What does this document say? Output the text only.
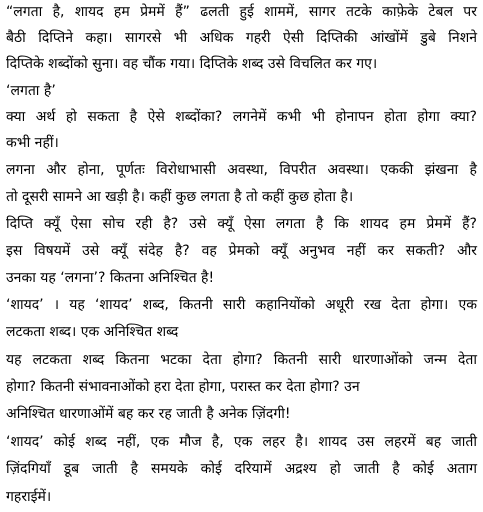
“लगता है, शायद हम प्रेममें हैं” ढलती हुई शाममें, सागर तटके काफ़ेके टेबल पर
बैठी दिप्तिने कहा। सागरसे भी अधिक गहरी ऐसी दिप्तिकी आंखोंमें डुबे निशने
दिप्तिके शब्दोंको सुना। वह चौंक गया। दिप्तिके शब्द उसे विचलित कर गए।
‘लगता है’
क्या अर्थ हो सकता है ऐसे शब्दोंका? लगनेमें कभी भी होनापन होता होगा क्या?
कभी नहीं।
लगना और होना, पूर्णतः विरोधाभासी अवस्था, विपरीत अवस्था। एककी झंखना है
तो दूसरी सामने आ खड़ी है। कहीं कुछ लगता है तो कहीं कुछ होता है।
दिप्ति क्यूँ ऐसा सोच रही है? उसे क्यूँ ऐसा लगता है कि शायद हम प्रेममें हैं?
इस विषयमें उसे क्यूँ संदेह है? वह प्रेमको क्यूँ अनुभव नहीं कर सकती? और
उनका यह ‘लगना’? कितना अनिश्चित है!
‘शायद’ । यह ‘शायद’ शब्द, कितनी सारी कहानियोंको अधूरी रख देता होगा। एक
लटकता शब्द। एक अनिश्चित शब्द
यह लटकता शब्द कितना भटका देता होगा? कितनी सारी धारणाओंको जन्म देता
होगा? कितनी संभावनाओंको हरा देता होगा, परास्त कर देता होगा? उन
अनिश्चित धारणाओंमें बह कर रह जाती है अनेक ज़िंदगी!
‘शायद’ कोई शब्द नहीं, एक मौज है, एक लहर है। शायद उस लहरमें बह जाती
ज़िंदगियाँ डूब जाती है समयके कोई दरियामें अद्रश्य हो जाती है कोई अताग
गहराईमें।
